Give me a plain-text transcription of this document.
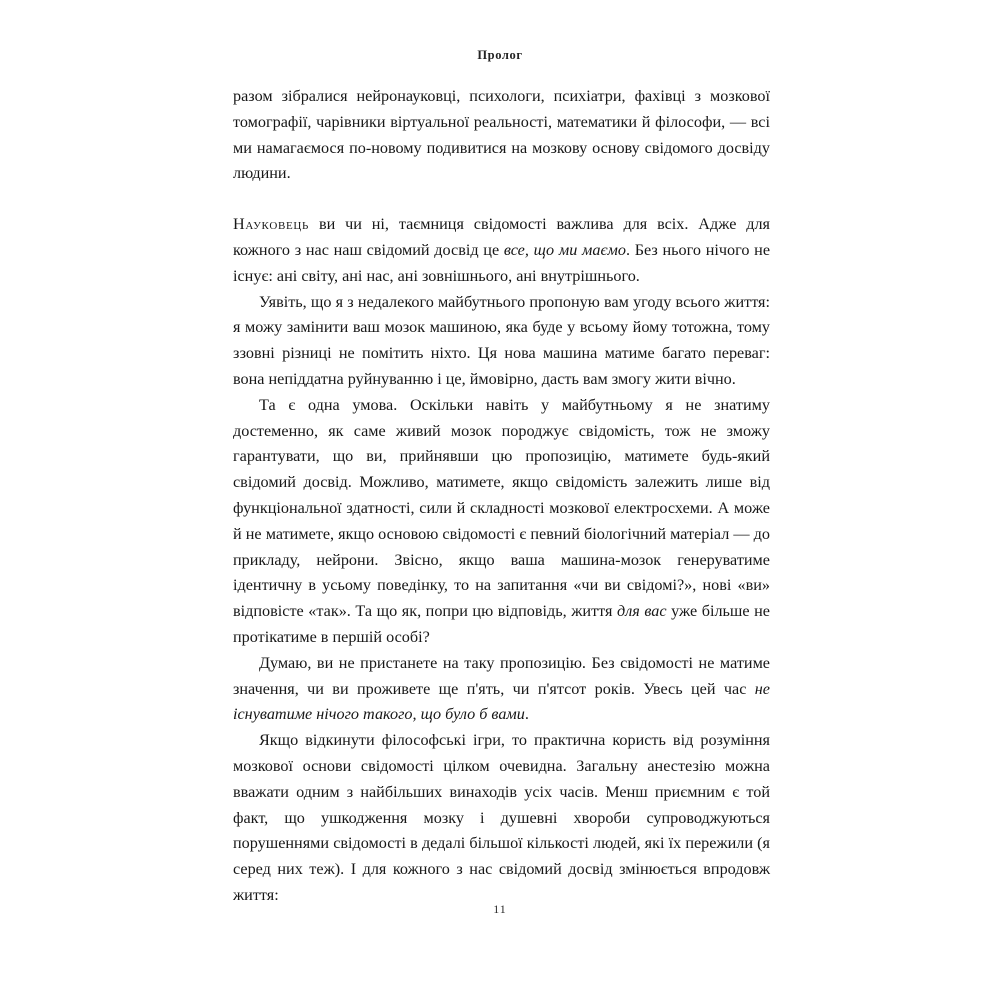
Пролог

разом зібралися нейронауковці, психологи, психіатри, фахівці з мозкової томографії, чарівники віртуальної реальності, математики й філософи, — всі ми намагаємося по-новому подивитися на мозкову основу свідомого досвіду людини.

Науковець ви чи ні, таємниця свідомості важлива для всіх. Адже для кожного з нас наш свідомий досвід це все, що ми маємо. Без нього нічого не існує: ані світу, ані нас, ані зовнішнього, ані внутрішнього.

Уявіть, що я з недалекого майбутнього пропоную вам угоду всього життя: я можу замінити ваш мозок машиною, яка буде у всьому йому тотожна, тому ззовні різниці не помітить ніхто. Ця нова машина матиме багато переваг: вона непіддатна руйнуванню і це, ймовірно, дасть вам змогу жити вічно.

Та є одна умова. Оскільки навіть у майбутньому я не знатиму достеменно, як саме живий мозок породжує свідомість, тож не зможу гарантувати, що ви, прийнявши цю пропозицію, матимете будь-який свідомий досвід. Можливо, матимете, якщо свідомість залежить лише від функціональної здатності, сили й складності мозкової електросхеми. А може й не матимете, якщо основою свідомості є певний біологічний матеріал — до прикладу, нейрони. Звісно, якщо ваша машина-мозок генеруватиме ідентичну в усьому поведінку, то на запитання «чи ви свідомі?», нові «ви» відповісте «так». Та що як, попри цю відповідь, життя для вас уже більше не протікатиме в першій особі?

Думаю, ви не пристанете на таку пропозицію. Без свідомості не матиме значення, чи ви проживете ще п'ять, чи п'ятсот років. Увесь цей час не існуватиме нічого такого, що було б вами.

Якщо відкинути філософські ігри, то практична користь від розуміння мозкової основи свідомості цілком очевидна. Загальну анестезію можна вважати одним з найбільших винаходів усіх часів. Менш приємним є той факт, що ушкодження мозку і душевні хвороби супроводжуються порушеннями свідомості в дедалі більшої кількості людей, які їх пережили (я серед них теж). І для кожного з нас свідомий досвід змінюється впродовж життя:

11
